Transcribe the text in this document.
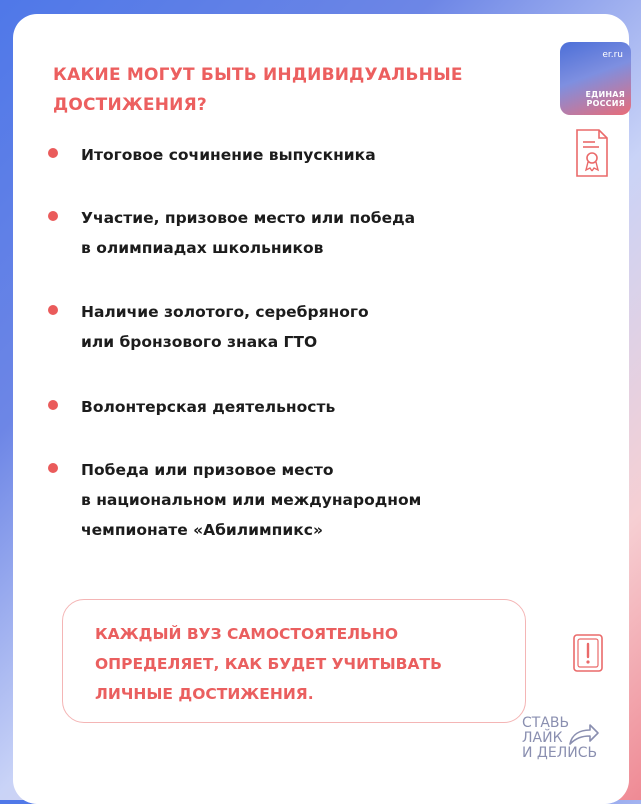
КАКИЕ МОГУТ БЫТЬ ИНДИВИДУАЛЬНЫЕ ДОСТИЖЕНИЯ?
er.ru
ЕДИНАЯ
РОССИЯ
КАЖДЫЙ ВУЗ САМОСТОЯТЕЛЬНО
ОПРЕДЕЛЯЕТ, КАК БУДЕТ УЧИТЫВАТЬ
ЛИЧНЫЕ ДОСТИЖЕНИЯ.
Итоговое сочинение выпускника
Участие, призовое место или победа
в олимпиадах школьников
Наличие золотого, серебряного
или бронзового знака ГТО
Волонтерская деятельность
Победа или призовое место
в национальном или международном
чемпионате «Абилимпикс»
СТАВЬ
ЛАЙК
И ДЕЛИСЬ
